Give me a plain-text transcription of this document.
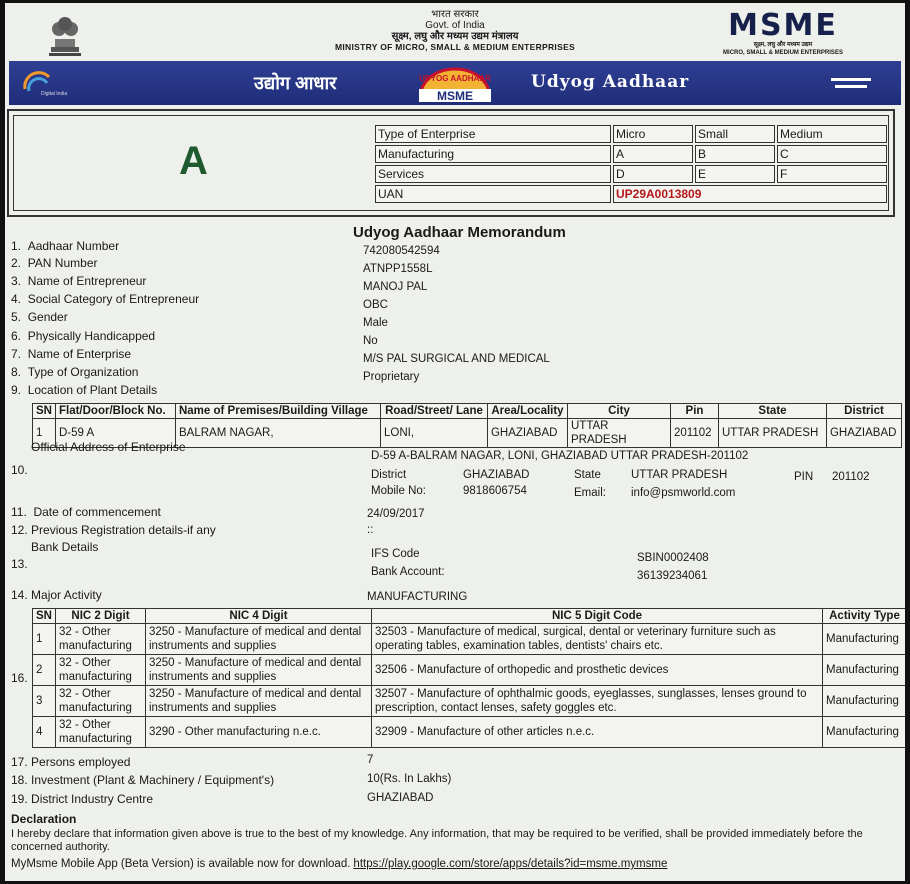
भारत सरकार
Govt. of India
सूक्ष्म, लघु और मध्यम उद्यम मंत्रालय
MINISTRY OF MICRO, SMALL & MEDIUM ENTERPRISES
MSME
सूक्ष्म, लघु और मध्यम उद्यम
MICRO, SMALL & MEDIUM ENTERPRISES
Digital India
उद्योग आधार	UDYOG AADHAAR
MSME
Udyog Aadhaar
A
Type of Enterprise	Micro	Small	Medium
Manufacturing	A	B	C
Services	D	E	F
UAN	UP29A0013809		
Udyog Aadhaar Memorandum
1. Aadhaar Number	742080542594
2. PAN Number	ATNPP1558L
3. Name of Entrepreneur	MANOJ PAL
4. Social Category of Entrepreneur	OBC
5. Gender	Male
6. Physically Handicapped	No
7. Name of Enterprise	M/S PAL SURGICAL AND MEDICAL
8. Type of Organization	Proprietary
9. Location of Plant Details
SN	Flat/Door/Block No.	Name of Premises/Building Village	Road/Street/ Lane	Area/Locality	City	Pin	State	District
1	D-59 A	BALRAM NAGAR,	LONI,	GHAZIABAD	UTTAR PRADESH	201102	UTTAR PRADESH	GHAZIABAD
Official Address of Enterprise
10.
D-59 A-BALRAM NAGAR, LONI, GHAZIABAD UTTAR PRADESH-201102
District	GHAZIABAD	State	UTTAR PRADESH	PIN 201102
Mobile No:	9818606754	Email: info@psmworld.com
11. Date of commencement	24/09/2017
12. Previous Registration details-if any	::
Bank Details
13.
IFS Code	SBIN0002408
Bank Account:	36139234061
14. Major Activity	MANUFACTURING
16.
SN	NIC 2 Digit	NIC 4 Digit	NIC 5 Digit Code	Activity Type
1	32 - Other manufacturing	3250 - Manufacture of medical and dental instruments and supplies	32503 - Manufacture of medical, surgical, dental or veterinary furniture such as operating tables, examination tables, dentists' chairs etc.	Manufacturing
2	32 - Other manufacturing	3250 - Manufacture of medical and dental instruments and supplies	32506 - Manufacture of orthopedic and prosthetic devices	Manufacturing
3	32 - Other manufacturing	3250 - Manufacture of medical and dental instruments and supplies	32507 - Manufacture of ophthalmic goods, eyeglasses, sunglasses, lenses ground to prescription, contact lenses, safety goggles etc.	Manufacturing
4	32 - Other manufacturing	3290 - Other manufacturing n.e.c.	32909 - Manufacture of other articles n.e.c.	Manufacturing
17. Persons employed	7
18. Investment (Plant & Machinery / Equipment's)	10(Rs. In Lakhs)
19. District Industry Centre	GHAZIABAD
Declaration
I hereby declare that information given above is true to the best of my knowledge. Any information, that may be required to be verified, shall be provided immediately before the concerned authority.
MyMsme Mobile App (Beta Version) is available now for download. https://play.google.com/store/apps/details?id=msme.mymsme
